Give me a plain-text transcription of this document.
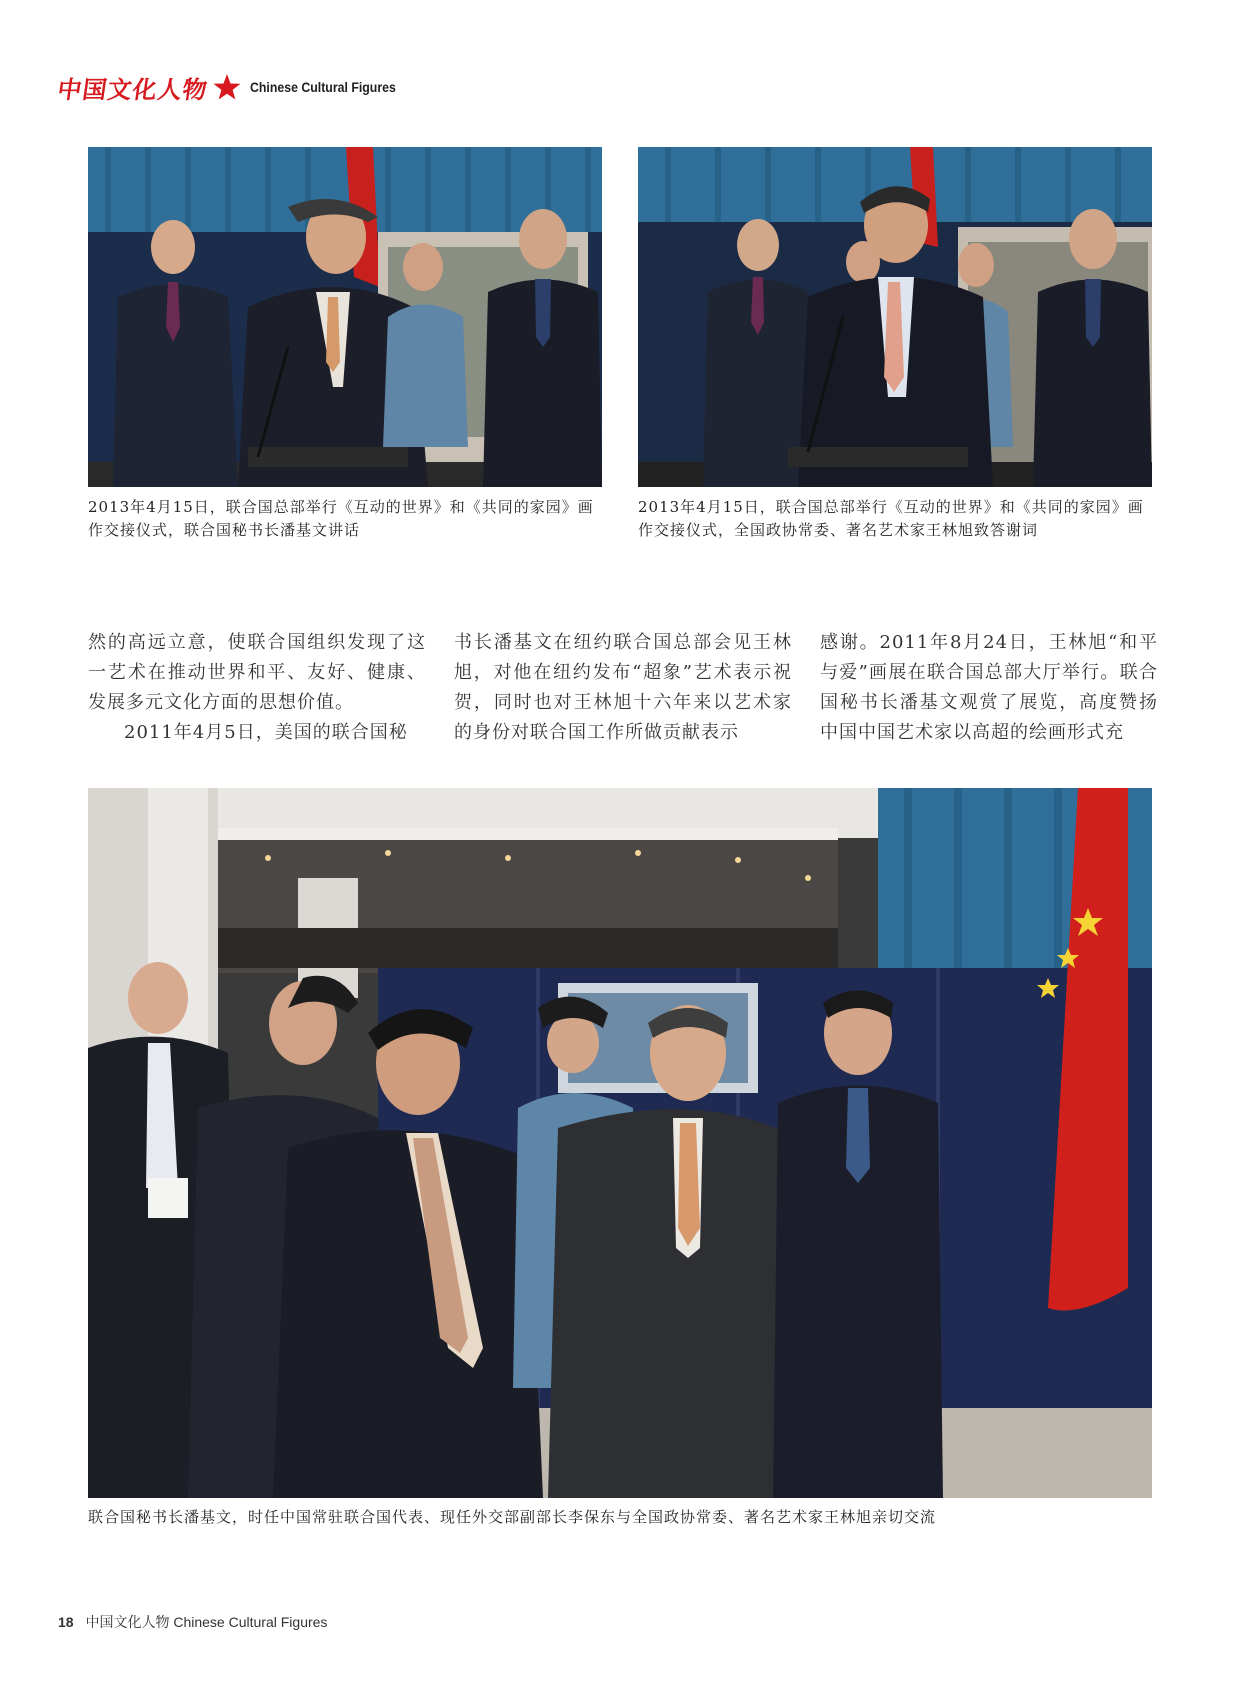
中国文化人物	Chinese Cultural Figures
2013年4月15日，联合国总部举行《互动的世界》和《共同的家园》画作交接仪式，联合国秘书长潘基文讲话
2013年4月15日，联合国总部举行《互动的世界》和《共同的家园》画作交接仪式，全国政协常委、著名艺术家王林旭致答谢词

然的高远立意，使联合国组织发现了这一艺术在推动世界和平、友好、健康、发展多元文化方面的思想价值。

2011年4月5日，美国的联合国秘

书长潘基文在纽约联合国总部会见王林旭，对他在纽约发布“超象”艺术表示祝贺，同时也对王林旭十六年来以艺术家的身份对联合国工作所做贡献表示

感谢。2011年8月24日，王林旭“和平与爱”画展在联合国总部大厅举行。联合国秘书长潘基文观赏了展览，高度赞扬中国中国艺术家以高超的绘画形式充

联合国秘书长潘基文，时任中国常驻联合国代表、现任外交部副部长李保东与全国政协常委、著名艺术家王林旭亲切交流
18 中国文化人物 Chinese Cultural Figures
